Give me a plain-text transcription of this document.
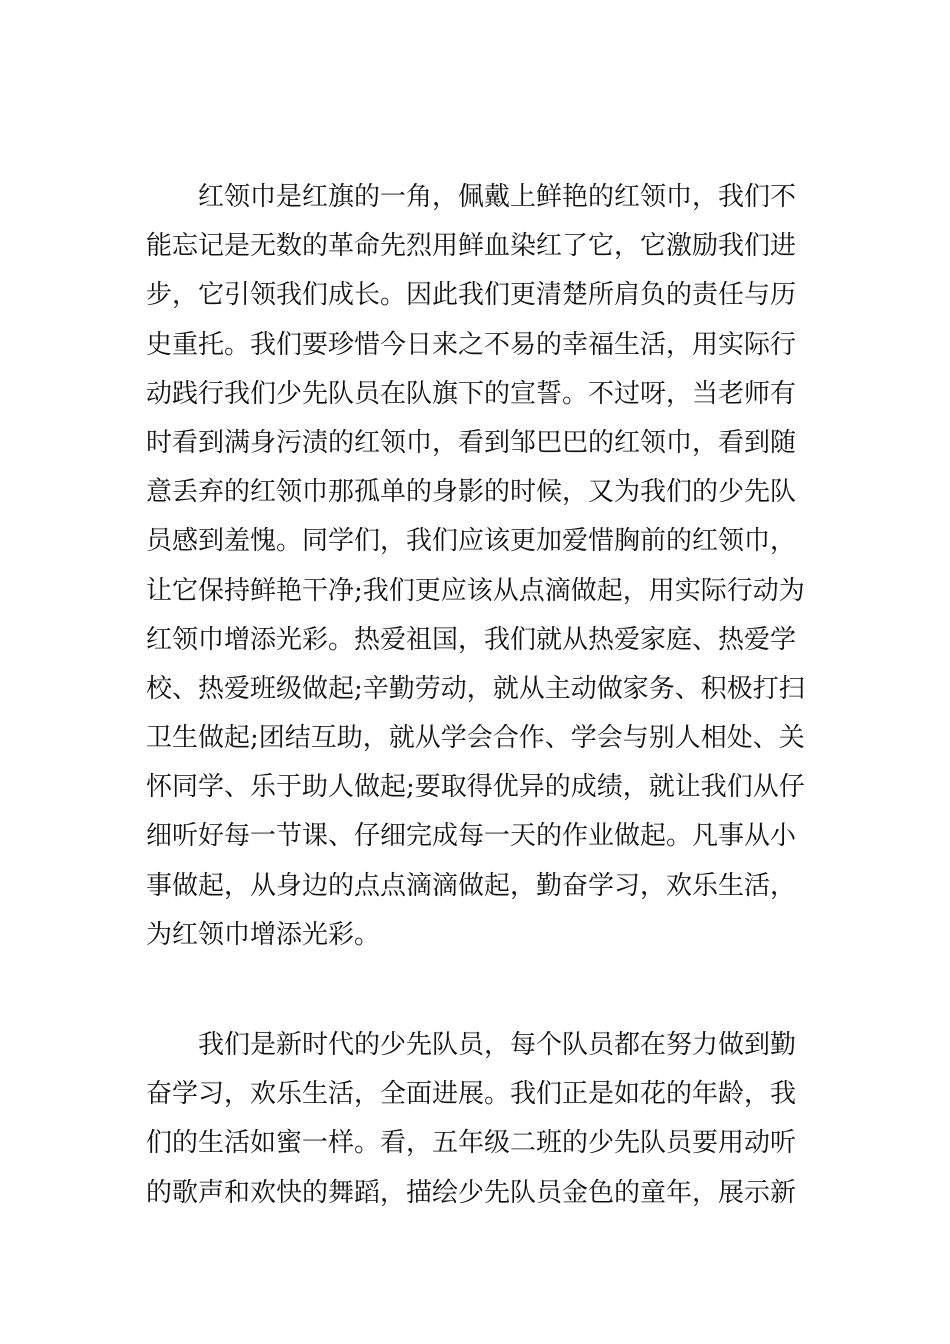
　　红领巾是红旗的一角，佩戴上鲜艳的红领巾，我们不
能忘记是无数的革命先烈用鲜血染红了它，它激励我们进
步，它引领我们成长。因此我们更清楚所肩负的责任与历
史重托。我们要珍惜今日来之不易的幸福生活，用实际行
动践行我们少先队员在队旗下的宣誓。不过呀，当老师有
时看到满身污渍的红领巾，看到邹巴巴的红领巾，看到随
意丢弃的红领巾那孤单的身影的时候，又为我们的少先队
员感到羞愧。同学们，我们应该更加爱惜胸前的红领巾，
让它保持鲜艳干净;我们更应该从点滴做起，用实际行动为
红领巾增添光彩。热爱祖国，我们就从热爱家庭、热爱学
校、热爱班级做起;辛勤劳动，就从主动做家务、积极打扫
卫生做起;团结互助，就从学会合作、学会与别人相处、关
怀同学、乐于助人做起;要取得优异的成绩，就让我们从仔
细听好每一节课、仔细完成每一天的作业做起。凡事从小
事做起，从身边的点点滴滴做起，勤奋学习，欢乐生活，
为红领巾增添光彩。
　　我们是新时代的少先队员，每个队员都在努力做到勤
奋学习，欢乐生活，全面进展。我们正是如花的年龄，我
们的生活如蜜一样。看，五年级二班的少先队员要用动听
的歌声和欢快的舞蹈，描绘少先队员金色的童年，展示新
